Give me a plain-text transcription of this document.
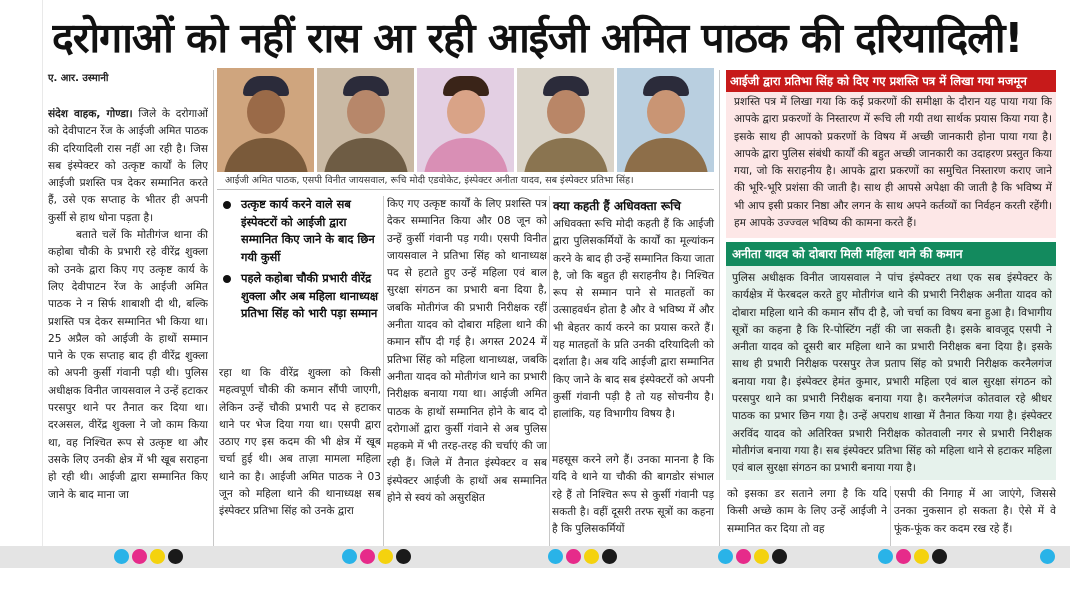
दरोगाओं को नहीं रास आ रही आईजी अमित पाठक की दरियादिली!
ए. आर. उस्मानी

संदेश वाहक, गोण्डा। जिले के दरोगाओं को देवीपाटन रेंज के आईजी अमित पाठक की दरियादिली रास नहीं आ रही है। जिस सब इंस्पेक्टर को उत्कृष्ट कार्यों के लिए आईजी प्रशस्ति पत्र देकर सम्मानित करते हैं, उसे एक सप्ताह के भीतर ही अपनी कुर्सी से हाथ धोना पड़ता है।

बताते चलें कि मोतीगंज थाना की कहोबा चौकी के प्रभारी रहे वीरेंद्र शुक्ला को उनके द्वारा किए गए उत्कृष्ट कार्य के लिए देवीपाटन रेंज के आईजी अमित पाठक ने न सिर्फ शाबाशी दी थी, बल्कि प्रशस्ति पत्र देकर सम्मानित भी किया था। 25 अप्रैल को आईजी के हाथों सम्मान पाने के एक सप्ताह बाद ही वीरेंद्र शुक्ला को अपनी कुर्सी गंवानी पड़ी थी। पुलिस अधीक्षक विनीत जायसवाल ने उन्हें हटाकर परसपुर थाने पर तैनात कर दिया था। दरअसल, वीरेंद्र शुक्ला ने जो काम किया था, वह निश्चित रूप से उत्कृष्ट था और उसके लिए उनकी क्षेत्र में भी खूब सराहना हो रही थी। आईजी द्वारा सम्मानित किए जाने के बाद माना जा

आईजी अमित पाठक, एसपी विनीत जायसवाल, रूचि मोदी एडवोकेट, इंस्पेक्टर अनीता यादव, सब इंस्पेक्टर प्रतिभा सिंह।
उत्कृष्ट कार्य करने वाले सब इंस्पेक्टरों को आईजी द्वारा सम्मानित किए जाने के बाद छिन गयी कुर्सी
पहले कहोबा चौकी प्रभारी वीरेंद्र शुक्ला और अब महिला थानाध्यक्ष प्रतिभा सिंह को भारी पड़ा सम्मान

रहा था कि वीरेंद्र शुक्ला को किसी महत्वपूर्ण चौकी की कमान सौंपी जाएगी, लेकिन उन्हें चौकी प्रभारी पद से हटाकर थाने पर भेज दिया गया था। एसपी द्वारा उठाए गए इस कदम की भी क्षेत्र में खूब चर्चा हुई थी। अब ताज़ा मामला महिला थाने का है। आईजी अमित पाठक ने 03 जून को महिला थाने की थानाध्यक्ष सब इंस्पेक्टर प्रतिभा सिंह को उनके द्वारा

किए गए उत्कृष्ट कार्यों के लिए प्रशस्ति पत्र देकर सम्मानित किया और 08 जून को उन्हें कुर्सी गंवानी पड़ गयी। एसपी विनीत जायसवाल ने प्रतिभा सिंह को थानाध्यक्ष पद से हटाते हुए उन्हें महिला एवं बाल सुरक्षा संगठन का प्रभारी बना दिया है, जबकि मोतीगंज की प्रभारी निरीक्षक रहीं अनीता यादव को दोबारा महिला थाने की कमान सौंप दी गई है। अगस्त 2024 में प्रतिभा सिंह को महिला थानाध्यक्ष, जबकि अनीता यादव को मोतीगंज थाने का प्रभारी निरीक्षक बनाया गया था। आईजी अमित पाठक के हाथों सम्मानित होने के बाद दो दरोगाओं द्वारा कुर्सी गंवाने से अब पुलिस महकमे में भी तरह-तरह की चर्चाएं की जा रही हैं। जिले में तैनात इंस्पेक्टर व सब इंस्पेक्टर आईजी के हाथों अब सम्मानित होने से स्वयं को असुरक्षित

क्या कहती हैं अधिवक्ता रूचि
अधिवक्ता रूचि मोदी कहती हैं कि आईजी द्वारा पुलिसकर्मियों के कार्यों का मूल्यांकन करने के बाद ही उन्हें सम्मानित किया जाता है, जो कि बहुत ही सराहनीय है। निश्चित रूप से सम्मान पाने से मातहतों का उत्साहवर्धन होता है और वे भविष्य में और भी बेहतर कार्य करने का प्रयास करते हैं। यह मातहतों के प्रति उनकी दरियादिली को दर्शाता है। अब यदि आईजी द्वारा सम्मानित किए जाने के बाद सब इंस्पेक्टरों को अपनी कुर्सी गंवानी पड़ी है तो यह सोचनीय है। हालांकि, यह विभागीय विषय है।

महसूस करने लगे हैं। उनका मानना है कि यदि वे थाने या चौकी की बागडोर संभाल रहे हैं तो निश्चित रूप से कुर्सी गंवानी पड़ सकती है। वहीं दूसरी तरफ सूत्रों का कहना है कि पुलिसकर्मियों

आईजी द्वारा प्रतिभा सिंह को दिए गए प्रशस्ति पत्र में लिखा गया मजमून
प्रशस्ति पत्र में लिखा गया कि कई प्रकरणों की समीक्षा के दौरान यह पाया गया कि आपके द्वारा प्रकरणों के निस्तारण में रूचि ली गयी तथा सार्थक प्रयास किया गया है। इसके साथ ही आपको प्रकरणों के विषय में अच्छी जानकारी होना पाया गया है। आपके द्वारा पुलिस संबंधी कार्यों की बहुत अच्छी जानकारी का उदाहरण प्रस्तुत किया गया, जो कि सराहनीय है। आपके द्वारा प्रकरणों का समुचित निस्तारण कराए जाने की भूरि-भूरि प्रशंसा की जाती है। साथ ही आपसे अपेक्षा की जाती है कि भविष्य में भी आप इसी प्रकार निष्ठा और लगन के साथ अपने कर्तव्यों का निर्वहन करती रहेंगी। हम आपके उज्ज्वल भविष्य की कामना करते हैं।
अनीता यादव को दोबारा मिली महिला थाने की कमान
पुलिस अधीक्षक विनीत जायसवाल ने पांच इंस्पेक्टर तथा एक सब इंस्पेक्टर के कार्यक्षेत्र में फेरबदल करते हुए मोतीगंज थाने की प्रभारी निरीक्षक अनीता यादव को दोबारा महिला थाने की कमान सौंप दी है, जो चर्चा का विषय बना हुआ है। विभागीय सूत्रों का कहना है कि रि-पोस्टिंग नहीं की जा सकती है। इसके बावजूद एसपी ने अनीता यादव को दूसरी बार महिला थाने का प्रभारी निरीक्षक बना दिया है। इसके साथ ही प्रभारी निरीक्षक परसपुर तेज प्रताप सिंह को प्रभारी निरीक्षक करनैलगंज बनाया गया है। इंस्पेक्टर हेमंत कुमार, प्रभारी महिला एवं बाल सुरक्षा संगठन को परसपुर थाने का प्रभारी निरीक्षक बनाया गया है। करनैलगंज कोतवाल रहे श्रीधर पाठक का प्रभार छिन गया है। उन्हें अपराध शाखा में तैनात किया गया है। इंस्पेक्टर अरविंद यादव को अतिरिक्त प्रभारी निरीक्षक कोतवाली नगर से प्रभारी निरीक्षक मोतीगंज बनाया गया है। सब इंस्पेक्टर प्रतिभा सिंह को महिला थाने से हटाकर महिला एवं बाल सुरक्षा संगठन का प्रभारी बनाया गया है।

को इसका डर सताने लगा है कि यदि किसी अच्छे काम के लिए उन्हें आईजी ने सम्मानित कर दिया तो वह

एसपी की निगाह में आ जाएंगे, जिससे उनका नुकसान हो सकता है। ऐसे में वे फूंक-फूंक कर कदम रख रहे हैं।
